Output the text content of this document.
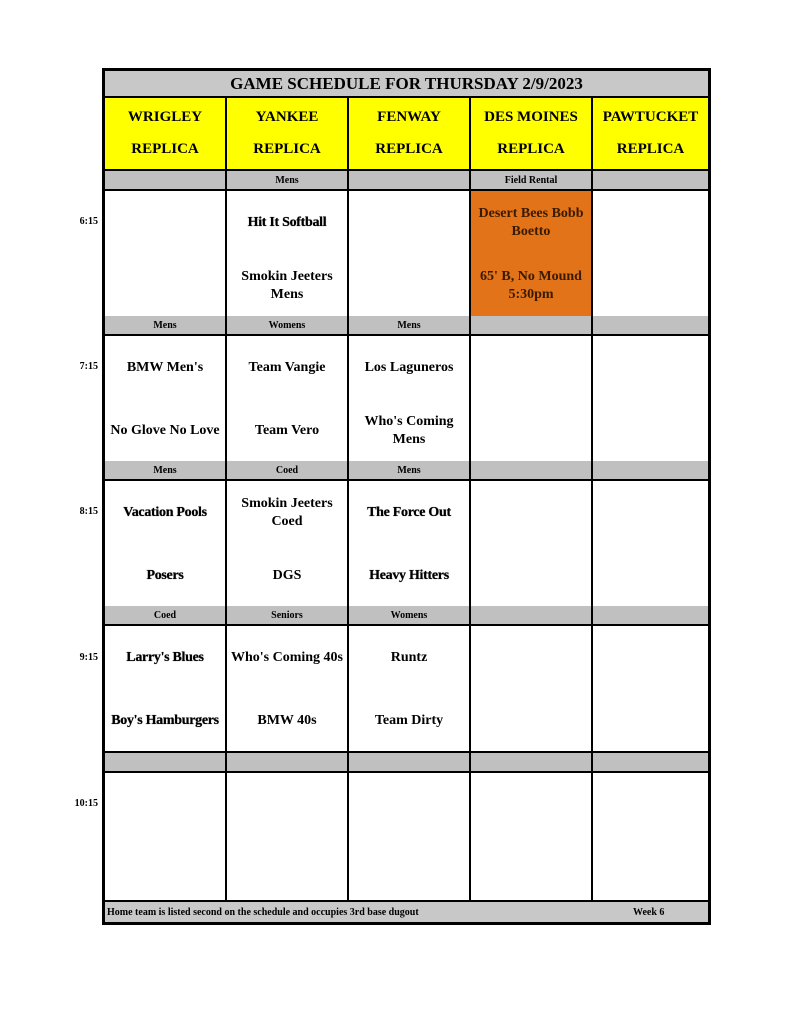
GAME SCHEDULE FOR THURSDAY 2/9/2023
WRIGLEY
REPLICA
YANKEE
REPLICA
FENWAY
REPLICA
DES MOINES
REPLICA
PAWTUCKET
REPLICA
Mens
Hit It Softball
Smokin Jeeters Mens
Field Rental
Desert Bees Bobb Boetto
65' B, No Mound 5:30pm
Mens
BMW Men's
No Glove No Love
Womens
Team Vangie
Team Vero
Mens
Los Laguneros
Who's Coming Mens
Mens
Vacation Pools
Posers
Coed
Smokin Jeeters Coed
DGS
Mens
The Force Out
Heavy Hitters
Coed
Larry's Blues
Boy's Hamburgers
Seniors
Who's Coming 40s
BMW 40s
Womens
Runtz
Team Dirty
Home team is listed second on the schedule and occupies 3rd base dugout	Week 6
6:15
7:15
8:15
9:15
10:15
